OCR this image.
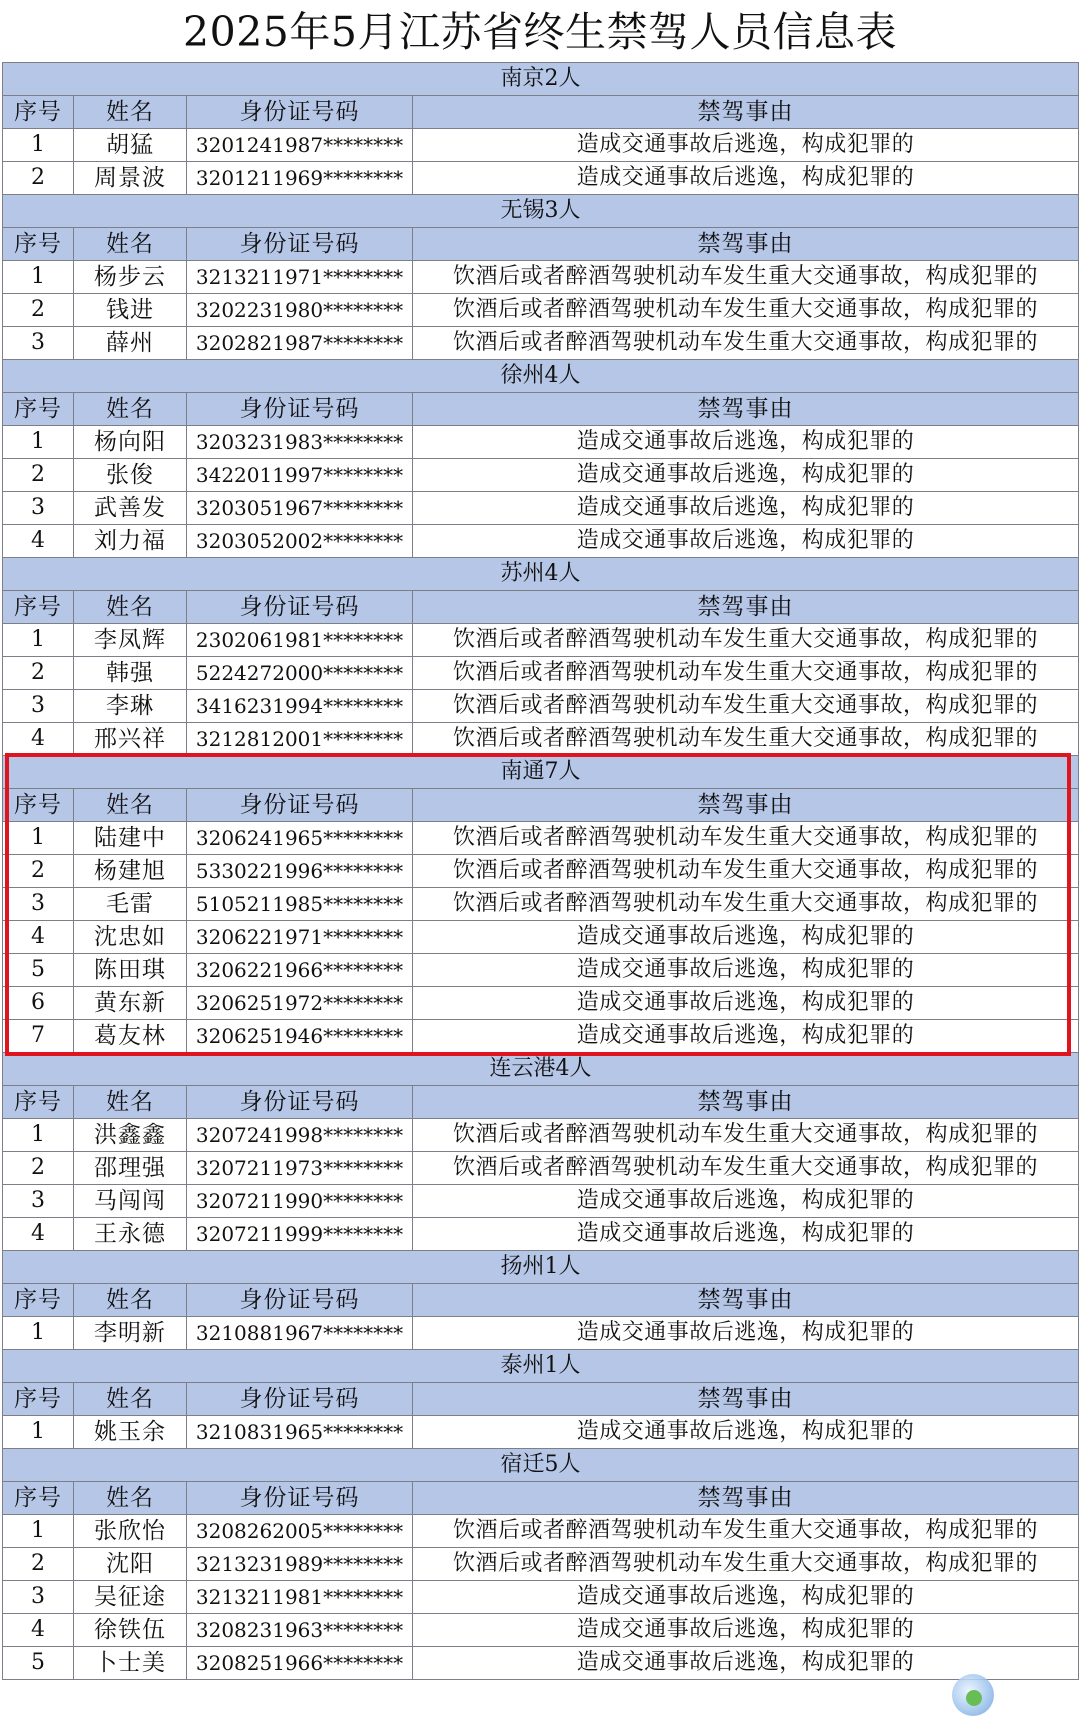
2025年5月江苏省终生禁驾人员信息表
南京2人			
序号	姓名	身份证号码	禁驾事由
1	胡猛	3201241987********	造成交通事故后逃逸，构成犯罪的
2	周景波	3201211969********	造成交通事故后逃逸，构成犯罪的
无锡3人			
序号	姓名	身份证号码	禁驾事由
1	杨步云	3213211971********	饮酒后或者醉酒驾驶机动车发生重大交通事故，构成犯罪的
2	钱进	3202231980********	饮酒后或者醉酒驾驶机动车发生重大交通事故，构成犯罪的
3	薛州	3202821987********	饮酒后或者醉酒驾驶机动车发生重大交通事故，构成犯罪的
徐州4人			
序号	姓名	身份证号码	禁驾事由
1	杨向阳	3203231983********	造成交通事故后逃逸，构成犯罪的
2	张俊	3422011997********	造成交通事故后逃逸，构成犯罪的
3	武善发	3203051967********	造成交通事故后逃逸，构成犯罪的
4	刘力福	3203052002********	造成交通事故后逃逸，构成犯罪的
苏州4人			
序号	姓名	身份证号码	禁驾事由
1	李凤辉	2302061981********	饮酒后或者醉酒驾驶机动车发生重大交通事故，构成犯罪的
2	韩强	5224272000********	饮酒后或者醉酒驾驶机动车发生重大交通事故，构成犯罪的
3	李琳	3416231994********	饮酒后或者醉酒驾驶机动车发生重大交通事故，构成犯罪的
4	邢兴祥	3212812001********	饮酒后或者醉酒驾驶机动车发生重大交通事故，构成犯罪的
南通7人			
序号	姓名	身份证号码	禁驾事由
1	陆建中	3206241965********	饮酒后或者醉酒驾驶机动车发生重大交通事故，构成犯罪的
2	杨建旭	5330221996********	饮酒后或者醉酒驾驶机动车发生重大交通事故，构成犯罪的
3	毛雷	5105211985********	饮酒后或者醉酒驾驶机动车发生重大交通事故，构成犯罪的
4	沈忠如	3206221971********	造成交通事故后逃逸，构成犯罪的
5	陈田琪	3206221966********	造成交通事故后逃逸，构成犯罪的
6	黄东新	3206251972********	造成交通事故后逃逸，构成犯罪的
7	葛友林	3206251946********	造成交通事故后逃逸，构成犯罪的
连云港4人			
序号	姓名	身份证号码	禁驾事由
1	洪鑫鑫	3207241998********	饮酒后或者醉酒驾驶机动车发生重大交通事故，构成犯罪的
2	邵理强	3207211973********	饮酒后或者醉酒驾驶机动车发生重大交通事故，构成犯罪的
3	马闯闯	3207211990********	造成交通事故后逃逸，构成犯罪的
4	王永德	3207211999********	造成交通事故后逃逸，构成犯罪的
扬州1人			
序号	姓名	身份证号码	禁驾事由
1	李明新	3210881967********	造成交通事故后逃逸，构成犯罪的
泰州1人			
序号	姓名	身份证号码	禁驾事由
1	姚玉余	3210831965********	造成交通事故后逃逸，构成犯罪的
宿迁5人			
序号	姓名	身份证号码	禁驾事由
1	张欣怡	3208262005********	饮酒后或者醉酒驾驶机动车发生重大交通事故，构成犯罪的
2	沈阳	3213231989********	饮酒后或者醉酒驾驶机动车发生重大交通事故，构成犯罪的
3	吴征途	3213211981********	造成交通事故后逃逸，构成犯罪的
4	徐铁伍	3208231963********	造成交通事故后逃逸，构成犯罪的
5	卜士美	3208251966********	造成交通事故后逃逸，构成犯罪的
